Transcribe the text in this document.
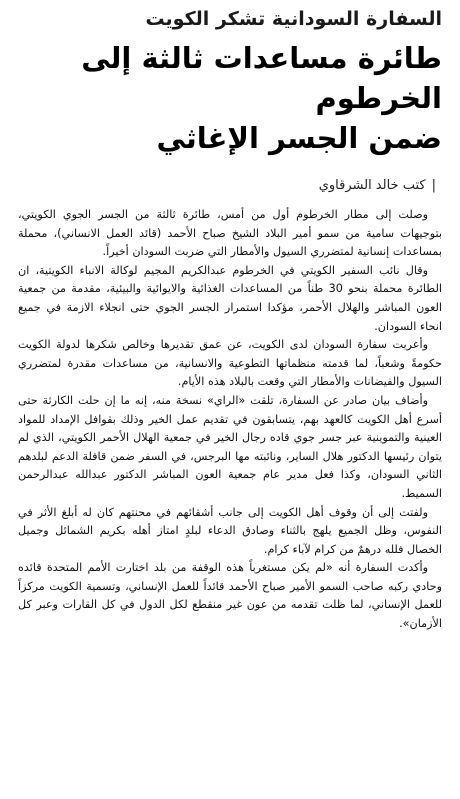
السفارة السودانية تشكر الكويت
طائرة مساعدات ثالثة إلى الخرطوم
ضمن الجسر الإغاثي
|كتب خالد الشرقاوي

وصلت إلى مطار الخرطوم أول من أمس، طائرة ثالثة من الجسر الجوي الكويتي، بتوجيهات سامية من سمو أمير البلاد الشيخ صباح الأحمد (قائد العمل الانساني)، محملة بمساعدات إنسانية لمتضرري السيول والأمطار التي ضربت السودان أخيراً.

وقال نائب السفير الكويتي في الخرطوم عبدالكريم المجيم لوكالة الانباء الكويتية، ان الطائرة محملة بنحو 30 طناً من المساعدات الغذائية والايوائية والبيئية، مقدمة من جمعية العون المباشر والهلال الأحمر، مؤكدا استمرار الجسر الجوي حتى انجلاء الازمة في جميع انحاء السودان.

وأعربت سفارة السودان لدى الكويت، عن عمق تقديرها وخالص شكرها لدولة الكويت حكومةً وشعباً، لما قدمته منظماتها التطوعية والانسانية، من مساعدات مقدرة لمتضرري السيول والفيضانات والأمطار التي وقعت بالبلاد هذه الأيام.

وأضاف بيان صادر عن السفارة، تلقت «الراي» نسخة منه، إنه ما إن حلت الكارثة حتى أسرع أهل الكويت كالعهد بهم، يتسابقون في تقديم عمل الخير وذلك بقوافل الإمداد للمواد العينية والتموينية عبر جسر جوي قاده رجال الخير في جمعية الهلال الأحمر الكويتي، الذي لم يتوان رئيسها الدكتور هلال الساير، ونائبته مها البرجس، في السفر ضمن قافلة الدعم لبلدهم الثاني السودان، وكذا فعل مدير عام جمعية العون المباشر الدكتور عبدالله عبدالرحمن السميط.

ولفتت إلى أن وقوف أهل الكويت إلى جانب أشقائهم في محنتهم كان له أبلغ الأثر في النفوس، وظل الجميع يلهج بالثناء وصادق الدعاء لبلدٍ امتاز أهله بكريم الشمائل وجميل الخصال فلله درهمٌ من كرام لآباء كرام.

وأكدت السفارة أنه «لم يكن مستغرباً هذه الوقفة من بلد اختارت الأمم المتحدة قائده وحادي ركبه صاحب السمو الأمير صباح الأحمد قائداً للعمل الإنساني، وتسمية الكويت مركزاً للعمل الإنساني، لما ظلت تقدمه من عون غير منقطع لكل الدول في كل القارات وعبر كل الأزمان».
